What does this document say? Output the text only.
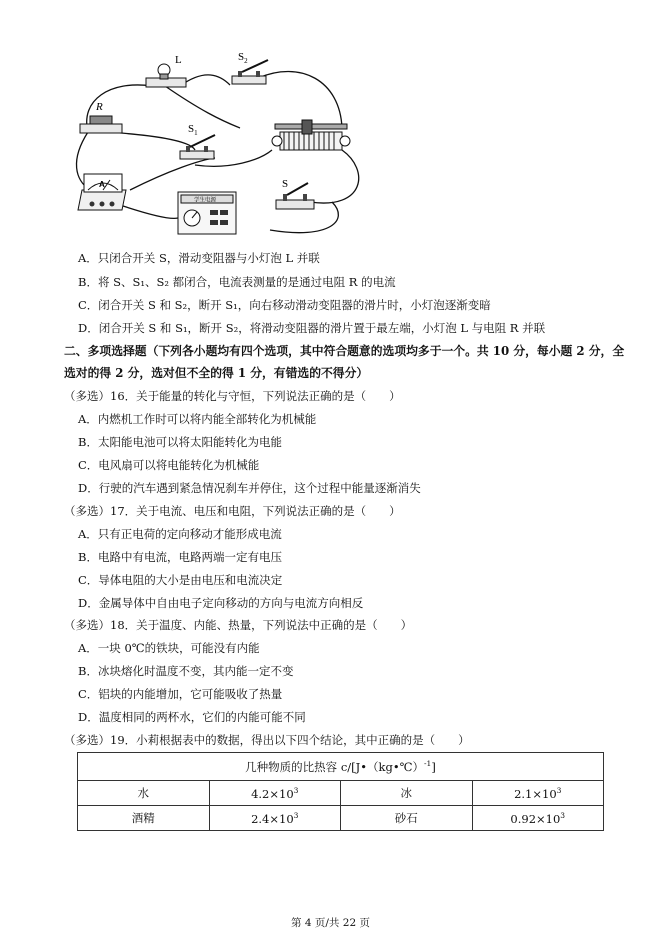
L	$S_2$
R
$S_1$
S
A
学生电源
A．只闭合开关 S，滑动变阻器与小灯泡 L 并联
B．将 S、S₁、S₂ 都闭合，电流表测量的是通过电阻 R 的电流
C．闭合开关 S 和 S₂，断开 S₁，向右移动滑动变阻器的滑片时，小灯泡逐渐变暗
D．闭合开关 S 和 S₁，断开 S₂，将滑动变阻器的滑片置于最左端，小灯泡 L 与电阻 R 并联
二、多项选择题（下列各小题均有四个选项，其中符合题意的选项均多于一个。共 10 分，每小题 2 分，全
选对的得 2 分，选对但不全的得 1 分，有错选的不得分）
（多选）16．关于能量的转化与守恒，下列说法正确的是（　　）
A．内燃机工作时可以将内能全部转化为机械能
B．太阳能电池可以将太阳能转化为电能
C．电风扇可以将电能转化为机械能
D．行驶的汽车遇到紧急情况刹车并停住，这个过程中能量逐渐消失
（多选）17．关于电流、电压和电阻，下列说法正确的是（　　）
A．只有正电荷的定向移动才能形成电流
B．电路中有电流，电路两端一定有电压
C．导体电阻的大小是由电压和电流决定
D．金属导体中自由电子定向移动的方向与电流方向相反
（多选）18．关于温度、内能、热量，下列说法中正确的是（　　）
A．一块 0℃的铁块，可能没有内能
B．冰块熔化时温度不变，其内能一定不变
C．铝块的内能增加，它可能吸收了热量
D．温度相同的两杯水，它们的内能可能不同
（多选）19．小莉根据表中的数据，得出以下四个结论，其中正确的是（　　）
几种物质的比热容 c/[J•（kg•℃）$^{-1}$]			
水	$4.2\times 10^3$	冰	$2.1\times 10^3$
酒精	$2.4\times 10^3$	砂石	$0.92\times 10^3$
第 4 页/共 22 页
